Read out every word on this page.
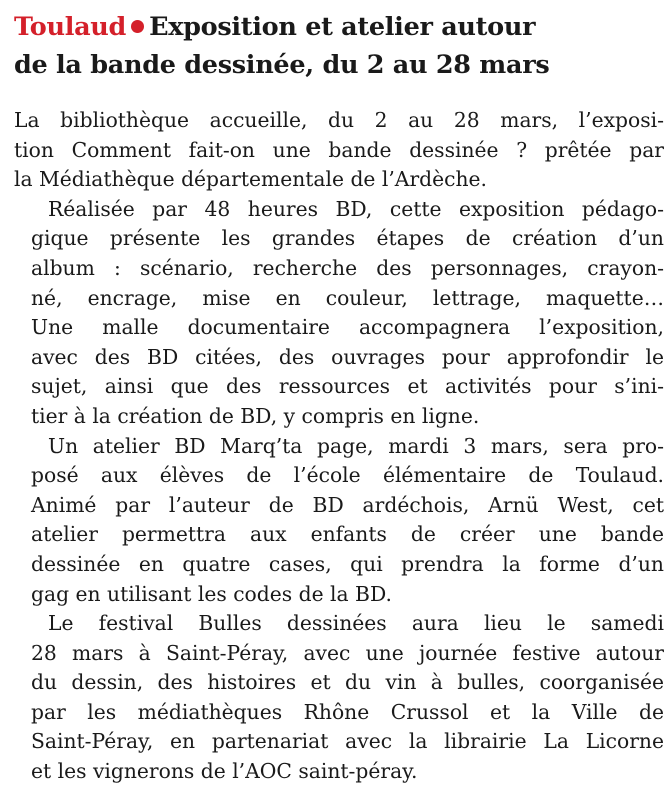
Toulaud Exposition et atelier autour
de la bande dessinée, du 2 au 28 mars

La bibliothèque accueille, du 2 au 28 mars, l’exposi-
tion Comment fait-on une bande dessinée ? prêtée par
la Médiathèque départementale de l’Ardèche.

Réalisée par 48 heures BD, cette exposition pédago-
gique présente les grandes étapes de création d’un
album : scénario, recherche des personnages, crayon-
né, encrage, mise en couleur, lettrage, maquette…
Une malle documentaire accompagnera l’exposition,
avec des BD citées, des ouvrages pour approfondir le
sujet, ainsi que des ressources et activités pour s’ini-
tier à la création de BD, y compris en ligne.

Un atelier BD Marq’ta page, mardi 3 mars, sera pro-
posé aux élèves de l’école élémentaire de Toulaud.
Animé par l’auteur de BD ardéchois, Arnü West, cet
atelier permettra aux enfants de créer une bande
dessinée en quatre cases, qui prendra la forme d’un
gag en utilisant les codes de la BD.

Le festival Bulles dessinées aura lieu le samedi
28 mars à Saint-Péray, avec une journée festive autour
du dessin, des histoires et du vin à bulles, coorganisée
par les médiathèques Rhône Crussol et la Ville de
Saint-Péray, en partenariat avec la librairie La Licorne
et les vignerons de l’AOC saint-péray.
